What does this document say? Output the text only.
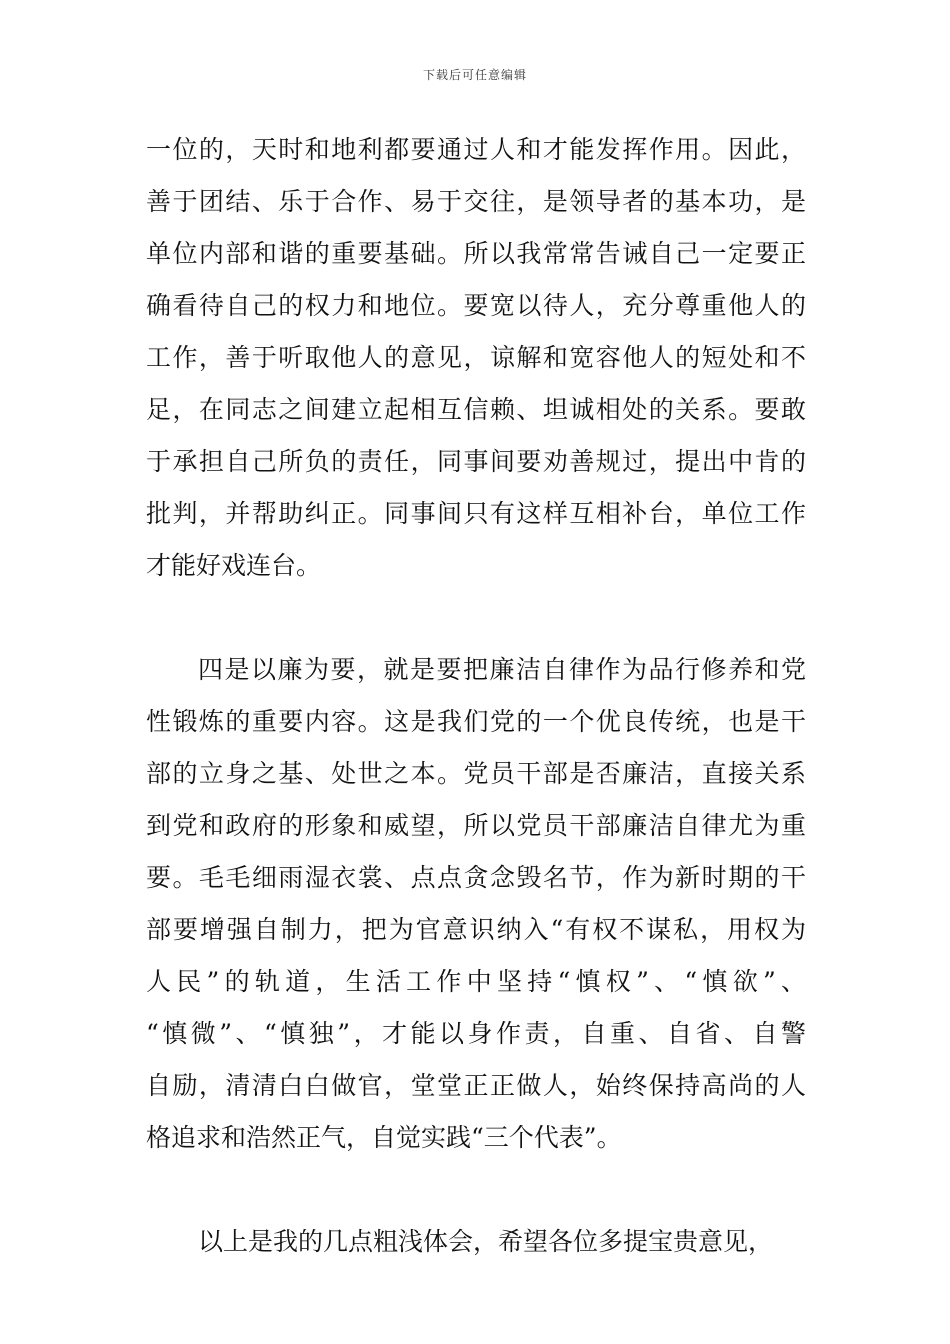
下载后可任意编辑
一位的，天时和地利都要通过人和才能发挥作用。因此，
善于团结、乐于合作、易于交往，是领导者的基本功，是
单位内部和谐的重要基础。所以我常常告诫自己一定要正
确看待自己的权力和地位。要宽以待人，充分尊重他人的
工作，善于听取他人的意见，谅解和宽容他人的短处和不
足，在同志之间建立起相互信赖、坦诚相处的关系。要敢
于承担自己所负的责任，同事间要劝善规过，提出中肯的
批判，并帮助纠正。同事间只有这样互相补台，单位工作
才能好戏连台。
四是以廉为要，就是要把廉洁自律作为品行修养和党
性锻炼的重要内容。这是我们党的一个优良传统，也是干
部的立身之基、处世之本。党员干部是否廉洁，直接关系
到党和政府的形象和威望，所以党员干部廉洁自律尤为重
要。毛毛细雨湿衣裳、点点贪念毁名节，作为新时期的干
部要增强自制力，把为官意识纳入“有权不谋私，用权为
人民”的轨道，生活工作中坚持“慎权”、“慎欲”、
“慎微”、“慎独”，才能以身作责，自重、自省、自警
自励，清清白白做官，堂堂正正做人，始终保持高尚的人
格追求和浩然正气，自觉实践“三个代表”。
以上是我的几点粗浅体会，希望各位多提宝贵意见，
